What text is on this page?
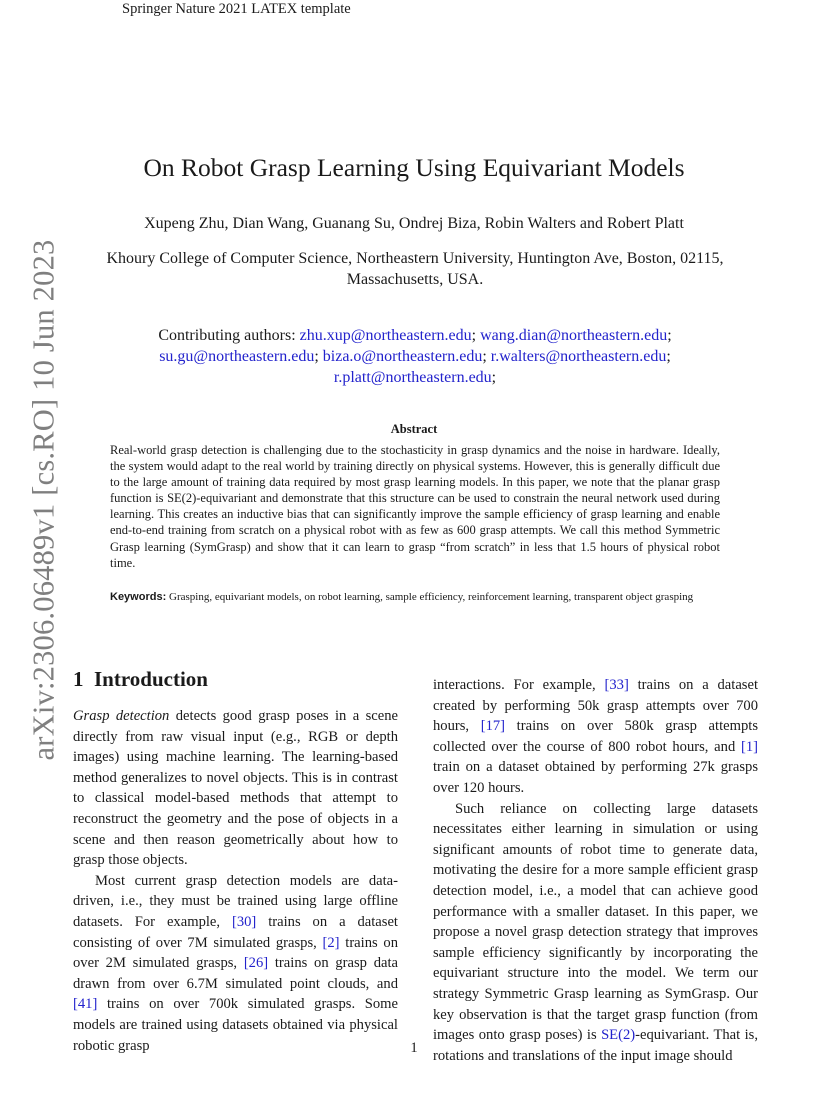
Springer Nature 2021 LATEX template
arXiv:2306.06489v1 [cs.RO] 10 Jun 2023
On Robot Grasp Learning Using Equivariant Models
Xupeng Zhu, Dian Wang, Guanang Su, Ondrej Biza, Robin Walters and Robert Platt
Khoury College of Computer Science, Northeastern University, Huntington Ave, Boston, 02115, Massachusetts, USA.
Contributing authors: zhu.xup@northeastern.edu; wang.dian@northeastern.edu;
su.gu@northeastern.edu; biza.o@northeastern.edu; r.walters@northeastern.edu;
r.platt@northeastern.edu;
Abstract
Real-world grasp detection is challenging due to the stochasticity in grasp dynamics and the noise in hardware. Ideally, the system would adapt to the real world by training directly on physical systems. However, this is generally difficult due to the large amount of training data required by most grasp learning models. In this paper, we note that the planar grasp function is SE(2)-equivariant and demonstrate that this structure can be used to constrain the neural network used during learning. This creates an inductive bias that can significantly improve the sample efficiency of grasp learning and enable end-to-end training from scratch on a physical robot with as few as 600 grasp attempts. We call this method Symmetric Grasp learning (SymGrasp) and show that it can learn to grasp “from scratch” in less that 1.5 hours of physical robot time.
Keywords: Grasping, equivariant models, on robot learning, sample efficiency, reinforcement learning, transparent object grasping
1 Introduction

Grasp detection detects good grasp poses in a scene directly from raw visual input (e.g., RGB or depth images) using machine learning. The learning-based method generalizes to novel objects. This is in contrast to classical model-based methods that attempt to reconstruct the geometry and the pose of objects in a scene and then reason geometrically about how to grasp those objects.

Most current grasp detection models are data-driven, i.e., they must be trained using large offline datasets. For example, [30] trains on a dataset consisting of over 7M simulated grasps, [2] trains on over 2M simulated grasps, [26] trains on grasp data drawn from over 6.7M simulated point clouds, and [41] trains on over 700k simulated grasps. Some models are trained using datasets obtained via physical robotic grasp

interactions. For example, [33] trains on a dataset created by performing 50k grasp attempts over 700 hours, [17] trains on over 580k grasp attempts collected over the course of 800 robot hours, and [1] train on a dataset obtained by performing 27k grasps over 120 hours.

Such reliance on collecting large datasets necessitates either learning in simulation or using significant amounts of robot time to generate data, motivating the desire for a more sample efficient grasp detection model, i.e., a model that can achieve good performance with a smaller dataset. In this paper, we propose a novel grasp detection strategy that improves sample efficiency significantly by incorporating the equivariant structure into the model. We term our strategy Symmetric Grasp learning as SymGrasp. Our key observation is that the target grasp function (from images onto grasp poses) is SE(2)-equivariant. That is, rotations and translations of the input image should

1
